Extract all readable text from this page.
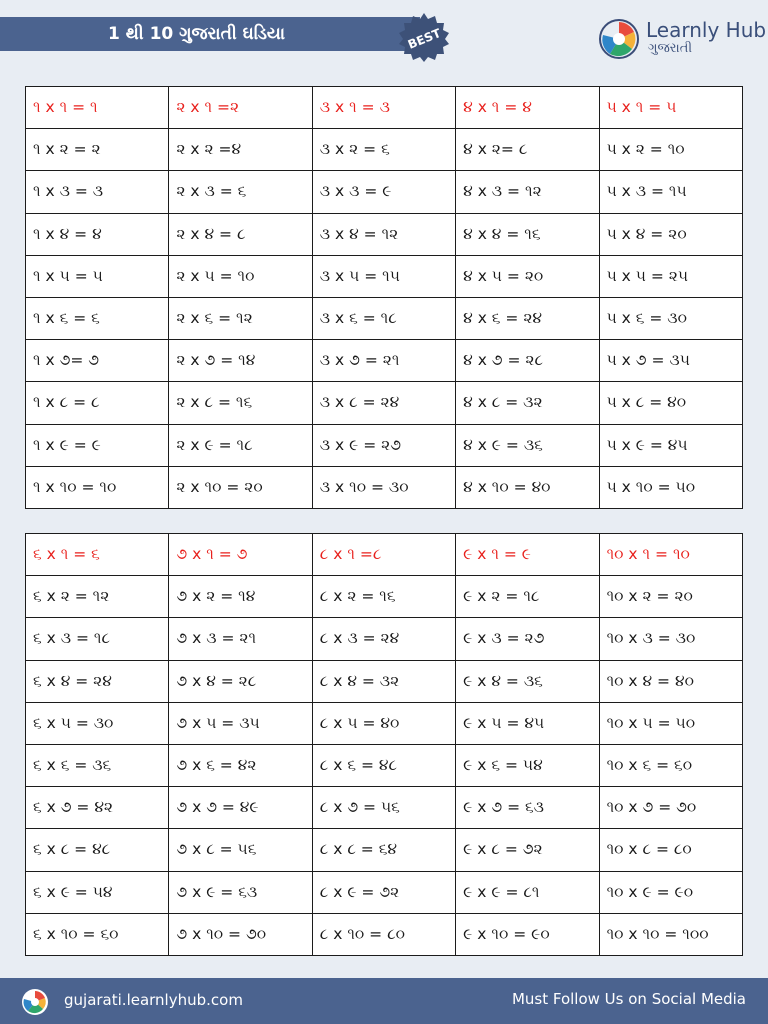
1 થી 10 ગુજરાતી ઘડિયા	BEST	Learnly Hub
ગુજરાતી
૧ x ૧ = ૧	૨ x ૧ =૨	૩ x ૧ = ૩	૪ x ૧ = ૪	૫ x ૧ = ૫
૧ x ૨ = ૨	૨ x ૨ =૪	૩ x ૨ = ૬	૪ x ૨= ૮	૫ x ૨ = ૧૦
૧ x ૩ = ૩	૨ x ૩ = ૬	૩ x ૩ = ૯	૪ x ૩ = ૧૨	૫ x ૩ = ૧૫
૧ x ૪ = ૪	૨ x ૪ = ૮	૩ x ૪ = ૧૨	૪ x ૪ = ૧૬	૫ x ૪ = ૨૦
૧ x ૫ = ૫	૨ x ૫ = ૧૦	૩ x ૫ = ૧૫	૪ x ૫ = ૨૦	૫ x ૫ = ૨૫
૧ x ૬ = ૬	૨ x ૬ = ૧૨	૩ x ૬ = ૧૮	૪ x ૬ = ૨૪	૫ x ૬ = ૩૦
૧ x ૭= ૭	૨ x ૭ = ૧૪	૩ x ૭ = ૨૧	૪ x ૭ = ૨૮	૫ x ૭ = ૩૫
૧ x ૮ = ૮	૨ x ૮ = ૧૬	૩ x ૮ = ૨૪	૪ x ૮ = ૩૨	૫ x ૮ = ૪૦
૧ x ૯ = ૯	૨ x ૯ = ૧૮	૩ x ૯ = ૨૭	૪ x ૯ = ૩૬	૫ x ૯ = ૪૫
૧ x ૧૦ = ૧૦	૨ x ૧૦ = ૨૦	૩ x ૧૦ = ૩૦	૪ x ૧૦ = ૪૦	૫ x ૧૦ = ૫૦
૬ x ૧ = ૬	૭ x ૧ = ૭	૮ x ૧ =૮	૯ x ૧ = ૯	૧૦ x ૧ = ૧૦
૬ x ૨ = ૧૨	૭ x ૨ = ૧૪	૮ x ૨ = ૧૬	૯ x ૨ = ૧૮	૧૦ x ૨ = ૨૦
૬ x ૩ = ૧૮	૭ x ૩ = ૨૧	૮ x ૩ = ૨૪	૯ x ૩ = ૨૭	૧૦ x ૩ = ૩૦
૬ x ૪ = ૨૪	૭ x ૪ = ૨૮	૮ x ૪ = ૩૨	૯ x ૪ = ૩૬	૧૦ x ૪ = ૪૦
૬ x ૫ = ૩૦	૭ x ૫ = ૩૫	૮ x ૫ = ૪૦	૯ x ૫ = ૪૫	૧૦ x ૫ = ૫૦
૬ x ૬ = ૩૬	૭ x ૬ = ૪૨	૮ x ૬ = ૪૮	૯ x ૬ = ૫૪	૧૦ x ૬ = ૬૦
૬ x ૭ = ૪૨	૭ x ૭ = ૪૯	૮ x ૭ = ૫૬	૯ x ૭ = ૬૩	૧૦ x ૭ = ૭૦
૬ x ૮ = ૪૮	૭ x ૮ = ૫૬	૮ x ૮ = ૬૪	૯ x ૮ = ૭૨	૧૦ x ૮ = ૮૦
૬ x ૯ = ૫૪	૭ x ૯ = ૬૩	૮ x ૯ = ૭૨	૯ x ૯ = ૮૧	૧૦ x ૯ = ૯૦
૬ x ૧૦ = ૬૦	૭ x ૧૦ = ૭૦	૮ x ૧૦ = ૮૦	૯ x ૧૦ = ૯૦	૧૦ x ૧૦ = ૧૦૦
gujarati.learnlyhub.com	Must Follow Us on Social Media
